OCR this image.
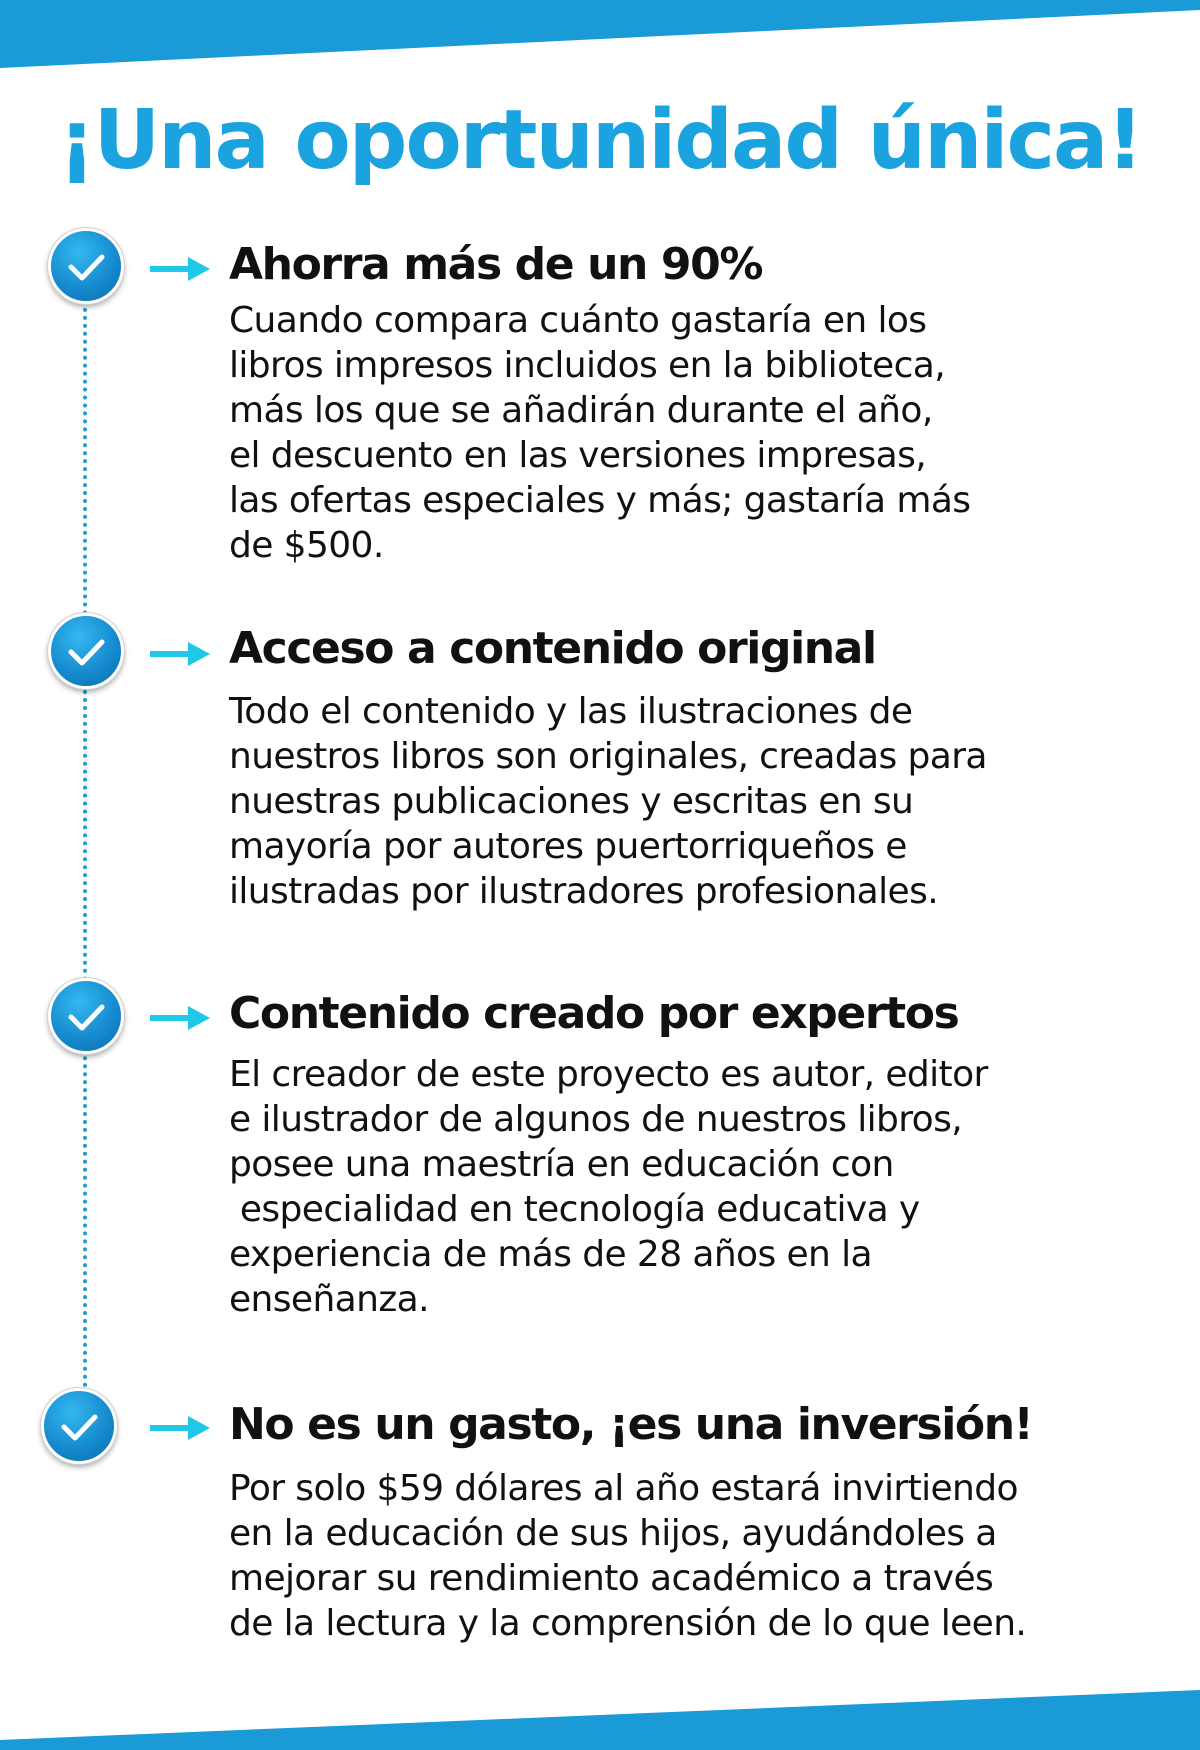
¡Una oportunidad única!
Ahorra más de un 90%
Cuando compara cuánto gastaría en los
libros impresos incluidos en la biblioteca,
más los que se añadirán durante el año,
el descuento en las versiones impresas,
las ofertas especiales y más; gastaría más
de $500.
Acceso a contenido original
Todo el contenido y las ilustraciones de
nuestros libros son originales, creadas para
nuestras publicaciones y escritas en su
mayoría por autores puertorriqueños e
ilustradas por ilustradores profesionales.
Contenido creado por expertos
El creador de este proyecto es autor, editor
e ilustrador de algunos de nuestros libros,
posee una maestría en educación con
especialidad en tecnología educativa y
experiencia de más de 28 años en la
enseñanza.
No es un gasto, ¡es una inversión!
Por solo $59 dólares al año estará invirtiendo
en la educación de sus hijos, ayudándoles a
mejorar su rendimiento académico a través
de la lectura y la comprensión de lo que leen.
